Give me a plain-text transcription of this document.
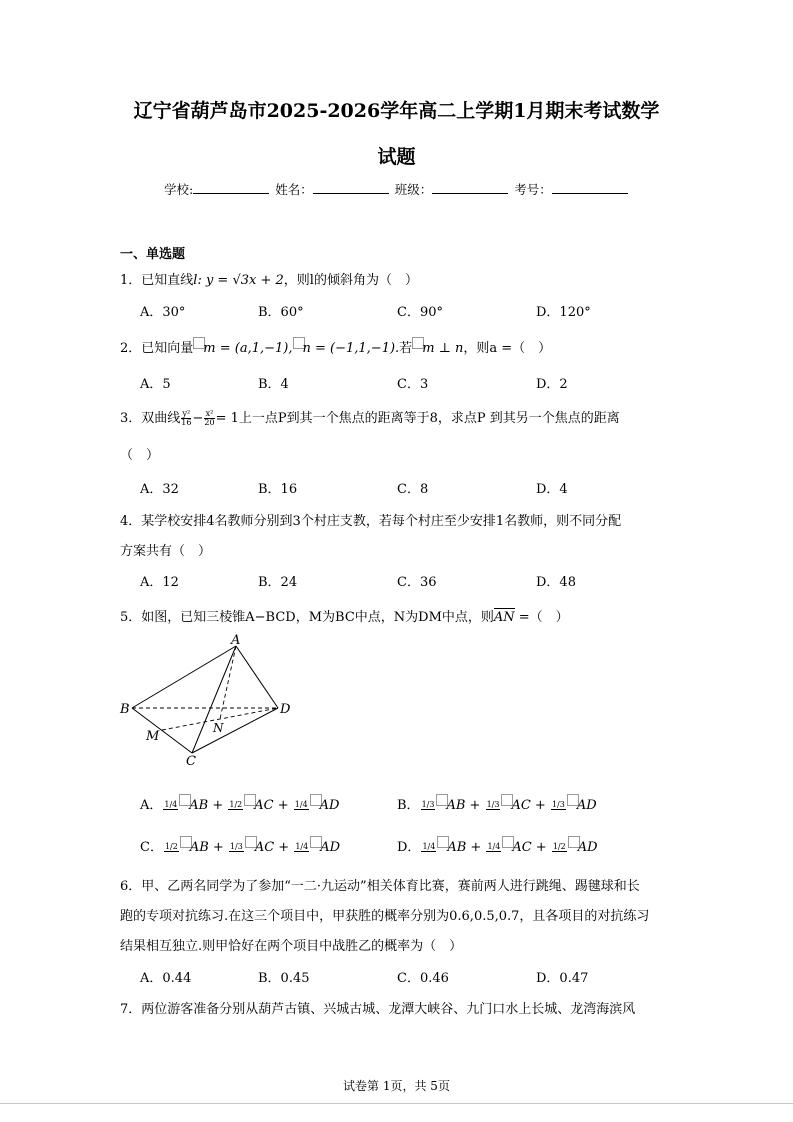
辽宁省葫芦岛市2025-2026学年高二上学期1月期末考试数学
试题
学校:	姓名：	班级：	考号：
一、单选题
1．已知直线l: y = √3x + 2，则l的倾斜角为（　）
A．30°	B．60°	C．90°	D．120°
2．已知向量 m = (a,1,−1), n = (−1,1,−1).若 m ⊥ n，则a =（　）
A．5	B．4	C．3	D．2
3．双曲线 $\frac{\text{y²}}{16} - \frac{\text{x²}}{20} = 1$上一点P到其一个焦点的距离等于8，求点P 到其另一个焦点的距离
（　）
A．32	B．16	C．8	D．4
4．某学校安排4名教师分别到3个村庄支教，若每个村庄至少安排1名教师，则不同分配
方案共有（　）
A．12	B．24	C．36	D．48
5．如图，已知三棱锥A−BCD，M为BC中点，N为DM中点，则AN =（　）
A
B	D
C
M
N
A． 1/4 AB + 1/2 AC + 1/4 AD	B． 1/3 AB + 1/3 AC + 1/3 AD
C． 1/2 AB + 1/3 AC + 1/4 AD	D． 1/4 AB + 1/4 AC + 1/2 AD
6．甲、乙两名同学为了参加“一二·九运动”相关体育比赛，赛前两人进行跳绳、踢毽球和长
跑的专项对抗练习.在这三个项目中，甲获胜的概率分别为0.6,0.5,0.7，且各项目的对抗练习
结果相互独立.则甲恰好在两个项目中战胜乙的概率为（　）
A．0.44	B．0.45	C．0.46	D．0.47
7．两位游客准备分别从葫芦古镇、兴城古城、龙潭大峡谷、九门口水上长城、龙湾海滨风
试卷第 1页，共 5页
